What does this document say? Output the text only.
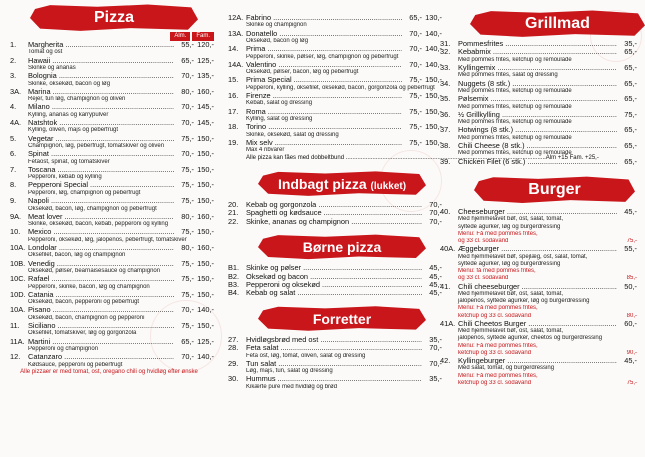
Pizza
Alm.	Fam.
1.	Margherita .....	55,- 120,-
Tomat og ost
2.	Hawaii .....	65,- 125,-
Skinke og ananas
3.	Bolognia .....	70,- 135,-
Skinke, oksekød, bacon og løg
3A. Marina .....	80,- 160,-
Rejer, tun løg, champignon og oliven
4.	Milano .....	70,- 145,-
Kylling, ananas og karrypulver
4A. Natshtok .....	70,- 145,-
Kylling, oliven, majs og peberfrugt
5.	Vegetar .....	75,- 150,-
Champignon, løg, peberfrugt, tomatskiver og oliven
6.	Spinat .....	70,- 150,-
Fetaost, spinat, og tomatskiver
7.	Toscana .....	75,- 150,-
Pepperoni, kebab og kylling
8.	Pepperoni Special .....	75,- 150,-
Pepperoni, løg, champignon og peberfrugt
9.	Napoli .....	75,- 150,-
Oksekød, bacon, løg, champignon og peberfrugt
9A. Meat lover .....	80,- 160,-
Skinke, oksekød, bacon, kebab, pepperoni og kylling
10.	Mexico .....	75,- 150,-
Pepperoni, oksekød, løg, jalopenos, peberfrugt, tomatskiver
10A. Londolar .....	80,- 160,-
Oksefilet, bacon, løg og champignon
10B. Venedig .....	75,- 150,-
Oksekød, pølser, bearnaisesauce og champignon
10C. Rafael .....	75,- 150,-
Pepperoni, skinke, bacon, løg og champignon
10D. Catania .....	75,- 150,-
Oksekød, bacon, pepperoni og peberfrugt
10A. Pisano .....	70,- 140,-
Oksekød, bacon, champignon og pepperoni
11.	Siciliano .....	75,- 150,-
Oksefilet, tomatskiver, løg og gorgonzola
11A. Martini .....	65,- 125,-
Pepperoni og champignon
12.	Catanzaro .....	70,- 140,-
Kødsauce, pepperoni og peberfrugt
Alle pizzaer er med tomat, ost, oregano chili og hvidløg efter ønske
12A. Fabrino .....	65,- 130,-
Skinke og champignon
13A. Donatello .....	70,- 140,-
Oksekød, bacon og løg
14.	Prima .....	70,- 140,-
Pepperoni, skinke, pølser, løg, champignon og peberfrugt
14A. Valentino .....	70,- 140,-
Oksekød, pølser, bacon, løg og peberfrugt
15.	Prima Special .....	75,- 150,-
Pepperoni, kylling, oksefilet, oksekød, bacon, gorgonzola og peberfrugt
16.	Firenze .....	75,- 150,-
Kebab, salat og dressing
17.	Roma .....	75,- 150,-
Kylling, salat og dressing
18.	Torino .....	75,- 150,-
Skinke, oksekød, salat og dressing
19.	Mix selv .....	75,- 150,-
Max 4 ribvarer
Alle pizza kan fåes med dobbeltbund .....	Alm +15 Fam. +25,-
Indbagt pizza (lukket)
20.	Kebab og gorgonzola .....	70,-
21.	Spaghetti og kødsauce .....	70,-
22.	Skinke, ananas og champignon .....	70,-
Børne pizza
B1. Skinke og pølser .....	45,-
B2. Oksekød og bacon .....	45,-
B3. Pepperoni og oksekød .....	45,-
B4. Kebab og salat .....	45,-
Forretter
27.	Hvidløgsbrød med ost .....	35,-
28.	Feta salat .....	70,-
Feta ost, løg, tomat, oliven, salat og dressing
29.	Tun salat .....	70,-
Løg, majs, tun, salat og dressing
30.	Hummus .....	35,-
Kikærte pure med hvidløg og brød
Grillmad
31.	Pommesfrites .....	35,-
32.	Kebabmix .....	65,-
Med pommes frites, ketchup og remoulade
33.	Kyllingemix .....	65,-
Med pommes frites, salat og dressing
34.	Nuggets (8 stk.) .....	65,-
Med pommes frites, ketchup og remoulade
35.	Pølsemix .....	65,-
Med pommes frites, ketchup og remoulade
36.	½ Grillkylling .....	75,-
Med pommes frites, ketchup og remoulade
37.	Hotwings (8 stk.) .....	65,-
Med pommes frites, ketchup og remoulade
38.	Chili Cheese (8 stk.) .....	65,-
Med pommes frites, ketchup og remoulade
39.	Chicken Filet (6 stk.) .....	65,-
Burger
40.	Cheeseburger .....	45,-
Med hjemmelavet bøf, ost, salat, tomat,
syltede agurker, løg og burgerdressing
Menu: Få med pommes frites,
og 33 cl. sodavand	75,-
40A. Æggeburger .....	55,-
Med hjemmelavet bøf, spejlæg, ost, salat, tomat,
syltede agurker, løg og burgerdressing
Menu: få med pommes frites,
og 33 cl. sodavand	85,-
41.	Chili cheeseburger .....	50,-
Med hjemmelavet bøf, ost, salat, tomat,
jalopenos, syltede agurker, løg og burgerdressing
Menu: Få med pommes frites,
ketchup og 33 cl. sodavand	80,-
41A. Chili Cheetos Burger .....	60,-
Med hjemmelavet bøf, ost, salat, tomat,
jalopenos, syltede agurker, cheetos og burgerdressing
Menu: Få med pommes frites,
ketchup og 33 cl. sodavand	90,-
42.	Kyllingeburger .....	45,-
Med salat, tomat, og burgerdressing
Menu: Få med pommes frites,
ketchup og 33 cl. sodavand	75,-
